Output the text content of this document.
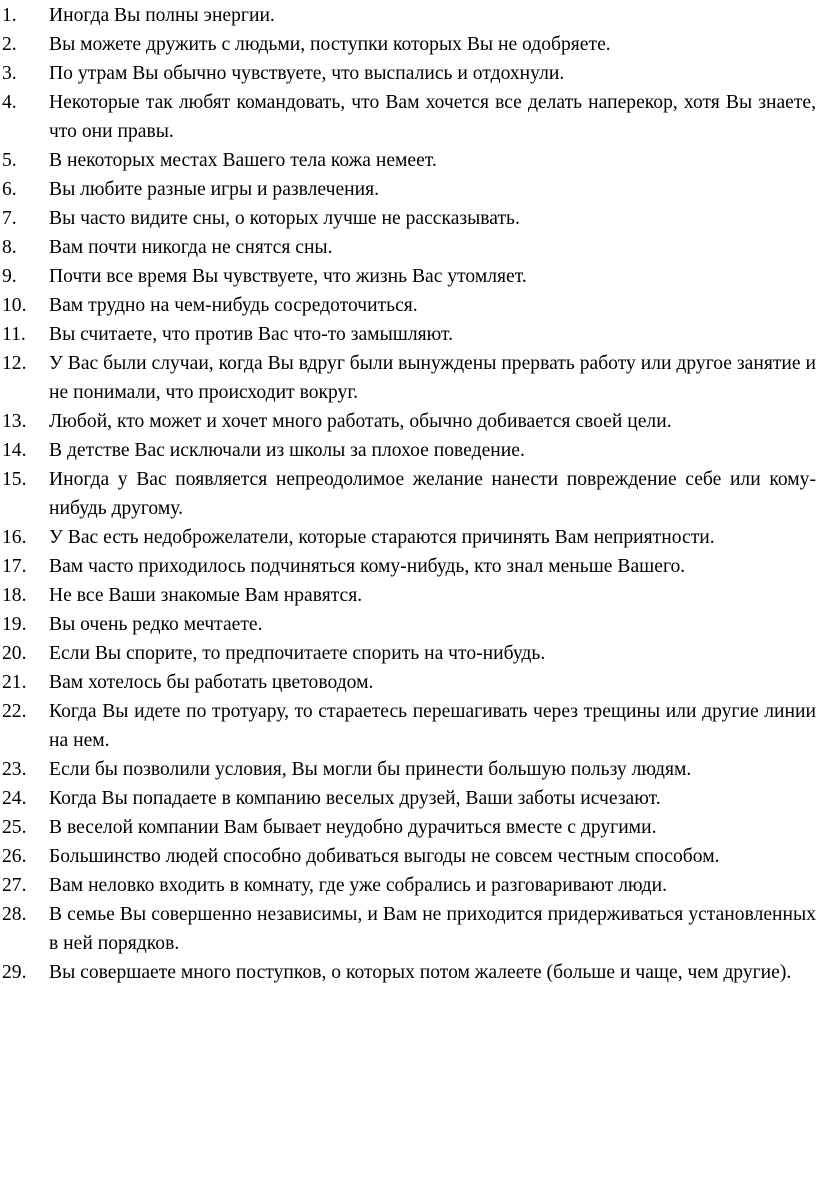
1.	Иногда Вы полны энергии.
2.	Вы можете дружить с людьми, поступки которых Вы не одобряете.
3.	По утрам Вы обычно чувствуете, что выспались и отдохнули.
4.	Некоторые так любят командовать, что Вам хочется все делать наперекор, хотя Вы знаете, что они правы.
5.	В некоторых местах Вашего тела кожа немеет.
6.	Вы любите разные игры и развлечения.
7.	Вы часто видите сны, о которых лучше не рассказывать.
8.	Вам почти никогда не снятся сны.
9.	Почти все время Вы чувствуете, что жизнь Вас утомляет.
10.	Вам трудно на чем-нибудь сосредоточиться.
11.	Вы считаете, что против Вас что-то замышляют.
12.	У Вас были случаи, когда Вы вдруг были вынуждены прервать работу или другое занятие и не понимали, что происходит вокруг.
13.	Любой, кто может и хочет много работать, обычно добивается своей цели.
14.	В детстве Вас исключали из школы за плохое поведение.
15.	Иногда у Вас появляется непреодолимое желание нанести повреждение себе или кому-нибудь другому.
16.	У Вас есть недоброжелатели, которые стараются причинять Вам неприятности.
17.	Вам часто приходилось подчиняться кому-нибудь, кто знал меньше Вашего.
18.	Не все Ваши знакомые Вам нравятся.
19.	Вы очень редко мечтаете.
20.	Если Вы спорите, то предпочитаете спорить на что-нибудь.
21.	Вам хотелось бы работать цветоводом.
22.	Когда Вы идете по тротуару, то стараетесь перешагивать через трещины или другие линии на нем.
23.	Если бы позволили условия, Вы могли бы принести большую пользу людям.
24.	Когда Вы попадаете в компанию веселых друзей, Ваши заботы исчезают.
25.	В веселой компании Вам бывает неудобно дурачиться вместе с другими.
26.	Большинство людей способно добиваться выгоды не совсем честным способом.
27.	Вам неловко входить в комнату, где уже собрались и разговаривают люди.
28.	В семье Вы совершенно независимы, и Вам не приходится придерживаться установленных в ней порядков.
29.	Вы совершаете много поступков, о которых потом жалеете (больше и чаще, чем другие).
